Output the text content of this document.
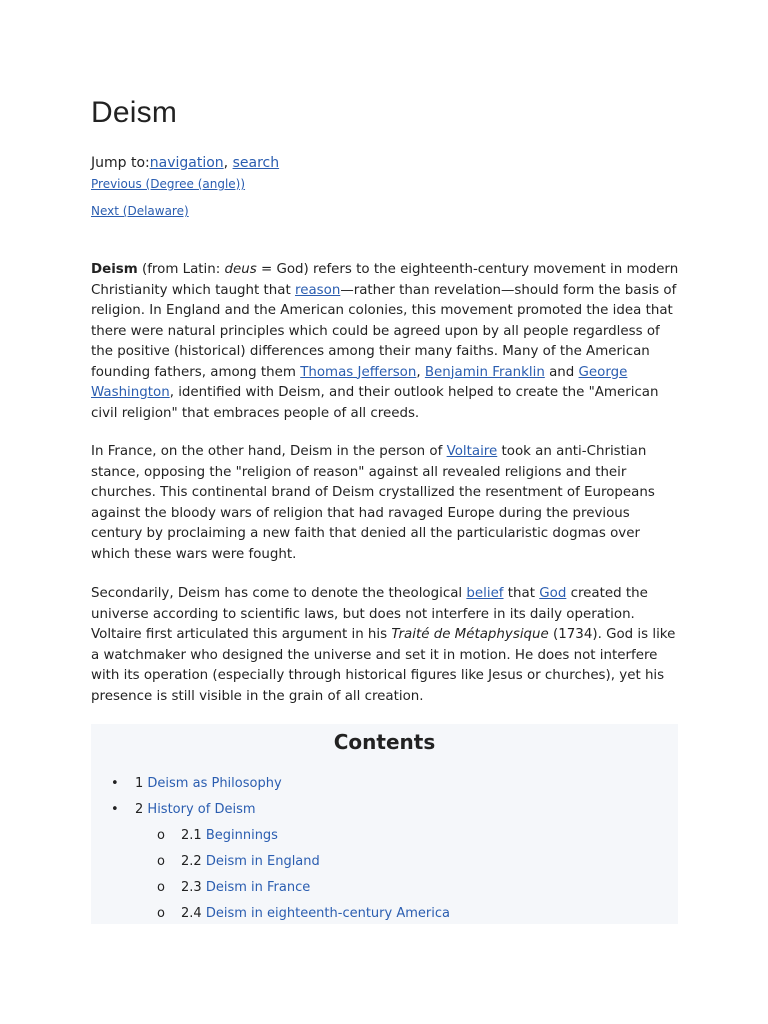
Deism
Jump to:navigation, search
Previous (Degree (angle))
Next (Delaware)

Deism (from Latin: deus = God) refers to the eighteenth-century movement in modern Christianity which taught that reason—rather than revelation—should form the basis of religion. In England and the American colonies, this movement promoted the idea that there were natural principles which could be agreed upon by all people regardless of the positive (historical) differences among their many faiths. Many of the American founding fathers, among them Thomas Jefferson, Benjamin Franklin and George Washington, identified with Deism, and their outlook helped to create the "American civil religion" that embraces people of all creeds.

In France, on the other hand, Deism in the person of Voltaire took an anti-Christian stance, opposing the "religion of reason" against all revealed religions and their churches. This continental brand of Deism crystallized the resentment of Europeans against the bloody wars of religion that had ravaged Europe during the previous century by proclaiming a new faith that denied all the particularistic dogmas over which these wars were fought.

Secondarily, Deism has come to denote the theological belief that God created the universe according to scientific laws, but does not interfere in its daily operation. Voltaire first articulated this argument in his Traité de Métaphysique (1734). God is like a watchmaker who designed the universe and set it in motion. He does not interfere with its operation (especially through historical figures like Jesus or churches), yet his presence is still visible in the grain of all creation.

Contents
• 1 Deism as Philosophy
• 2 History of Deism
o 2.1 Beginnings
o 2.2 Deism in England
o 2.3 Deism in France
o 2.4 Deism in eighteenth-century America
